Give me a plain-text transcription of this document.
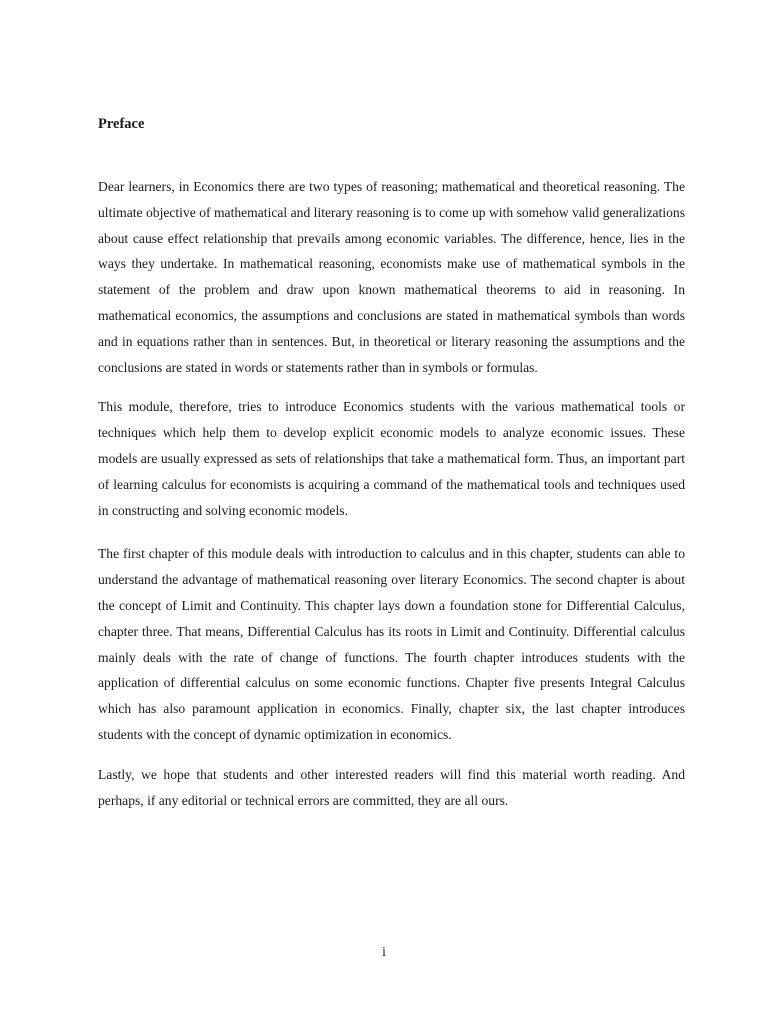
Preface

Dear learners, in Economics there are two types of reasoning; mathematical and theoretical reasoning. The ultimate objective of mathematical and literary reasoning is to come up with somehow valid generalizations about cause effect relationship that prevails among economic variables. The difference, hence, lies in the ways they undertake. In mathematical reasoning, economists make use of mathematical symbols in the statement of the problem and draw upon known mathematical theorems to aid in reasoning. In mathematical economics, the assumptions and conclusions are stated in mathematical symbols than words and in equations rather than in sentences. But, in theoretical or literary reasoning the assumptions and the conclusions are stated in words or statements rather than in symbols or formulas.

This module, therefore, tries to introduce Economics students with the various mathematical tools or techniques which help them to develop explicit economic models to analyze economic issues. These models are usually expressed as sets of relationships that take a mathematical form. Thus, an important part of learning calculus for economists is acquiring a command of the mathematical tools and techniques used in constructing and solving economic models.

The first chapter of this module deals with introduction to calculus and in this chapter, students can able to understand the advantage of mathematical reasoning over literary Economics. The second chapter is about the concept of Limit and Continuity. This chapter lays down a foundation stone for Differential Calculus, chapter three. That means, Differential Calculus has its roots in Limit and Continuity. Differential calculus mainly deals with the rate of change of functions. The fourth chapter introduces students with the application of differential calculus on some economic functions. Chapter five presents Integral Calculus which has also paramount application in economics. Finally, chapter six, the last chapter introduces students with the concept of dynamic optimization in economics.

Lastly, we hope that students and other interested readers will find this material worth reading. And perhaps, if any editorial or technical errors are committed, they are all ours.

i
